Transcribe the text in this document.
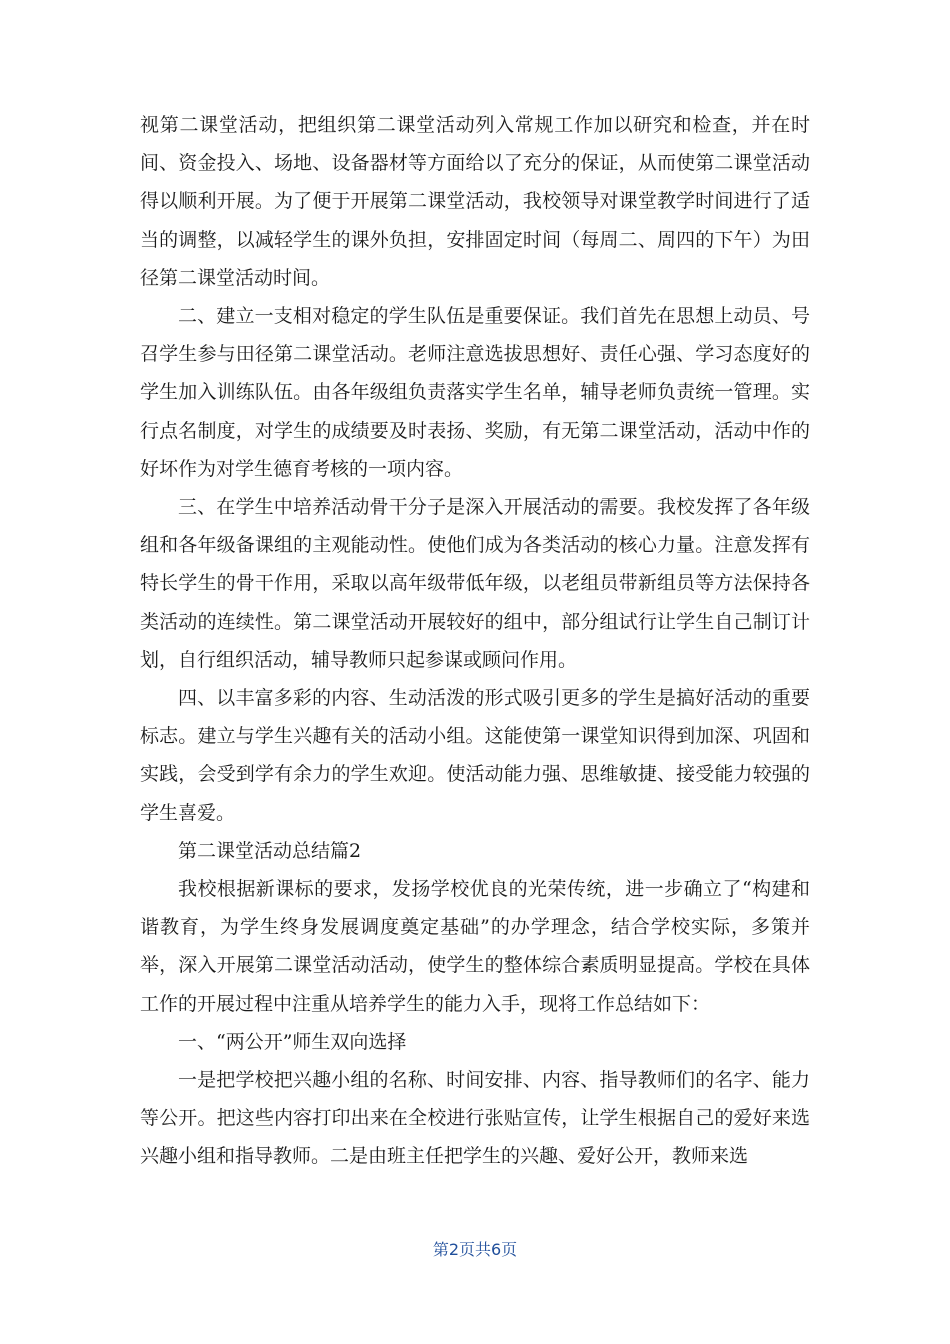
视第二课堂活动，把组织第二课堂活动列入常规工作加以研究和检查，并在时间、资金投入、场地、设备器材等方面给以了充分的保证，从而使第二课堂活动得以顺利开展。为了便于开展第二课堂活动，我校领导对课堂教学时间进行了适当的调整，以减轻学生的课外负担，安排固定时间（每周二、周四的下午）为田径第二课堂活动时间。

二、建立一支相对稳定的学生队伍是重要保证。我们首先在思想上动员、号召学生参与田径第二课堂活动。老师注意选拔思想好、责任心强、学习态度好的学生加入训练队伍。由各年级组负责落实学生名单，辅导老师负责统一管理。实行点名制度，对学生的成绩要及时表扬、奖励，有无第二课堂活动，活动中作的好坏作为对学生德育考核的一项内容。

三、在学生中培养活动骨干分子是深入开展活动的需要。我校发挥了各年级组和各年级备课组的主观能动性。使他们成为各类活动的核心力量。注意发挥有特长学生的骨干作用，采取以高年级带低年级，以老组员带新组员等方法保持各类活动的连续性。第二课堂活动开展较好的组中，部分组试行让学生自己制订计划，自行组织活动，辅导教师只起参谋或顾问作用。

四、以丰富多彩的内容、生动活泼的形式吸引更多的学生是搞好活动的重要标志。建立与学生兴趣有关的活动小组。这能使第一课堂知识得到加深、巩固和实践，会受到学有余力的学生欢迎。使活动能力强、思维敏捷、接受能力较强的学生喜爱。

第二课堂活动总结篇2

我校根据新课标的要求，发扬学校优良的光荣传统，进一步确立了“构建和谐教育，为学生终身发展调度奠定基础”的办学理念，结合学校实际，多策并举，深入开展第二课堂活动活动，使学生的整体综合素质明显提高。学校在具体工作的开展过程中注重从培养学生的能力入手，现将工作总结如下：

一、“两公开”师生双向选择

一是把学校把兴趣小组的名称、时间安排、内容、指导教师们的名字、能力等公开。把这些内容打印出来在全校进行张贴宣传，让学生根据自己的爱好来选兴趣小组和指导教师。二是由班主任把学生的兴趣、爱好公开，教师来选

第2页共6页
